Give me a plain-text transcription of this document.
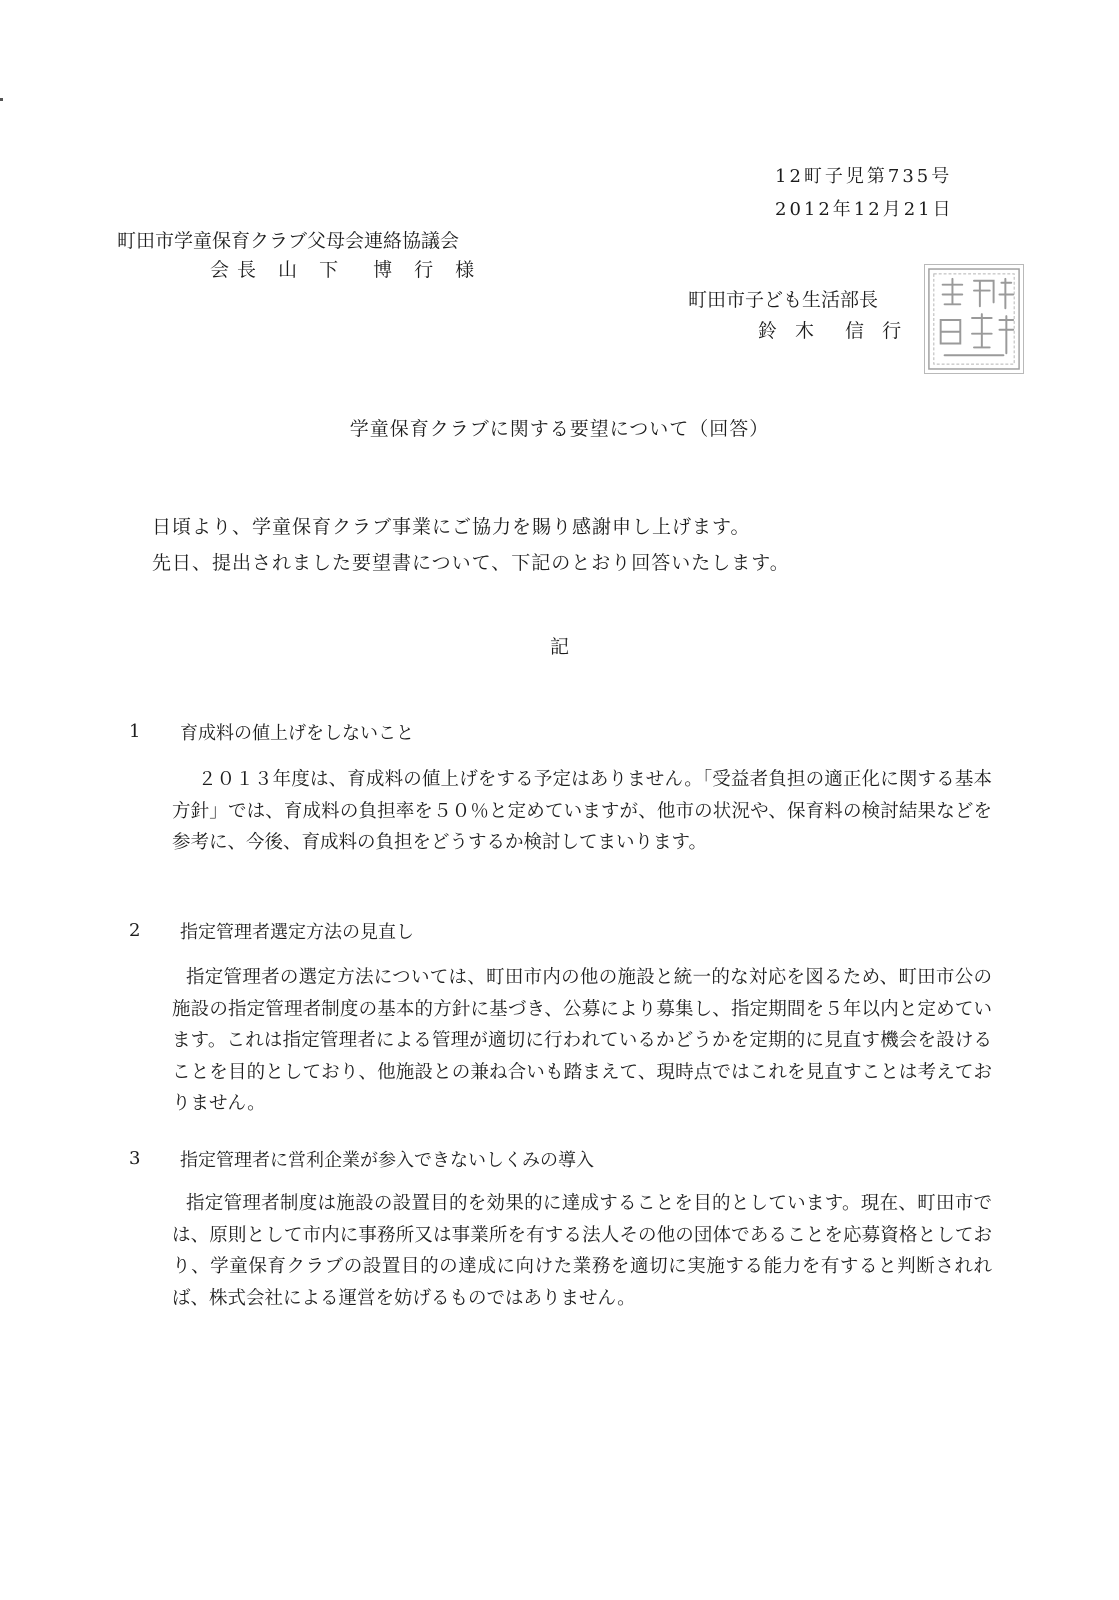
12町子児第735号
2012年12月21日
町田市学童保育クラブ父母会連絡協議会
会長 山 下　博 行 様
町田市子ども生活部長
鈴 木　信 行
学童保育クラブに関する要望について（回答）
日頃より、学童保育クラブ事業にご協力を賜り感謝申し上げます。
先日、提出されました要望書について、下記のとおり回答いたします。
記
1 育成料の値上げをしないこと
２０１３年度は、育成料の値上げをする予定はありません。「受益者負担の適正化に関する基本方針」では、育成料の負担率を５０％と定めていますが、他市の状況や、保育料の検討結果などを参考に、今後、育成料の負担をどうするか検討してまいります。
2 指定管理者選定方法の見直し
指定管理者の選定方法については、町田市内の他の施設と統一的な対応を図るため、町田市公の施設の指定管理者制度の基本的方針に基づき、公募により募集し、指定期間を５年以内と定めています。これは指定管理者による管理が適切に行われているかどうかを定期的に見直す機会を設けることを目的としており、他施設との兼ね合いも踏まえて、現時点ではこれを見直すことは考えておりません。
3 指定管理者に営利企業が参入できないしくみの導入
指定管理者制度は施設の設置目的を効果的に達成することを目的としています。現在、町田市では、原則として市内に事務所又は事業所を有する法人その他の団体であることを応募資格としており、学童保育クラブの設置目的の達成に向けた業務を適切に実施する能力を有すると判断されれば、株式会社による運営を妨げるものではありません。
